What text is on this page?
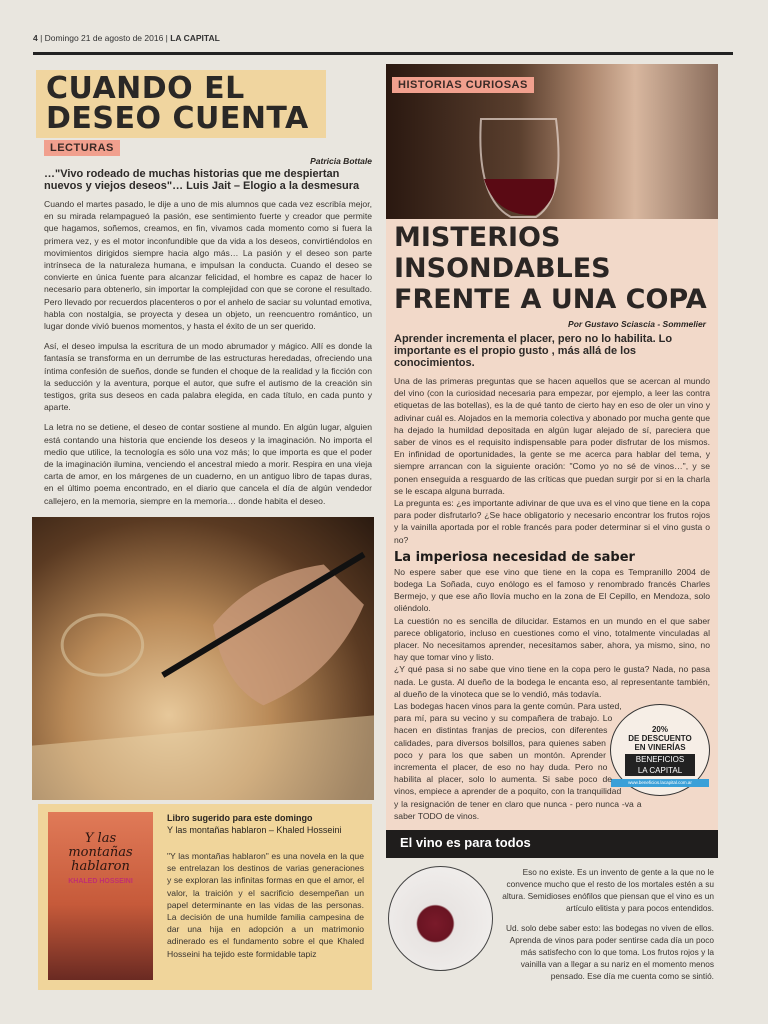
4 | Domingo 21 de agosto de 2016 | LA CAPITAL
CUANDO EL DESEO CUENTA
LECTURAS
Patricia Bottale
…"Vivo rodeado de muchas historias que me despiertan nuevos y viejos deseos"… Luis Jait – Elogio a la desmesura

Cuando el martes pasado, le dije a uno de mis alumnos que cada vez escribía mejor, en su mirada relampagueó la pasión, ese sentimiento fuerte y creador que permite que hagamos, soñemos, creamos, en fin, vivamos cada momento como si fuera la primera vez, y es el motor inconfundible que da vida a los deseos, convirtiéndolos en movimientos dirigidos siempre hacia algo más… La pasión y el deseo son parte intrínseca de la naturaleza humana, e impulsan la conducta. Cuando el deseo se convierte en única fuente para alcanzar felicidad, el hombre es capaz de hacer lo necesario para obtenerlo, sin importar la complejidad con que se corone el resultado. Pero llevado por recuerdos placenteros o por el anhelo de saciar su voluntad emotiva, habla con nostalgia, se proyecta y desea un objeto, un reencuentro romántico, un lugar donde vivió buenos momentos, y hasta el éxito de un ser querido.

Así, el deseo impulsa la escritura de un modo abrumador y mágico. Allí es donde la fantasía se transforma en un derrumbe de las estructuras heredadas, ofreciendo una íntima confesión de sueños, donde se funden el choque de la realidad y la ficción con la seducción y la aventura, porque el autor, que sufre el autismo de la creación sin testigos, grita sus deseos en cada palabra elegida, en cada título, en cada punto y aparte.

La letra no se detiene, el deseo de contar sostiene al mundo. En algún lugar, alguien está contando una historia que enciende los deseos y la imaginación. No importa el medio que utilice, la tecnología es sólo una voz más; lo que importa es que el poder de la imaginación ilumina, venciendo el ancestral miedo a morir. Respira en una vieja carta de amor, en los márgenes de un cuaderno, en un antiguo libro de tapas duras, en el último poema encontrado, en el diario que cancela el día de algún vendedor callejero, en la memoria, siempre en la memoria… donde habita el deseo.

Y las montañas hablaron
KHALED HOSSEINI
Libro sugerido para este domingo
Y las montañas hablaron – Khaled Hosseini
"Y las montañas hablaron" es una novela en la que se entrelazan los destinos de varias generaciones y se exploran las infinitas formas en que el amor, el valor, la traición y el sacrificio desempeñan un papel determinante en las vidas de las personas. La decisión de una humilde familia campesina de dar una hija en adopción a un matrimonio adinerado es el fundamento sobre el que Khaled Hosseini ha tejido este formidable tapiz
HISTORIAS CURIOSAS
MISTERIOS INSONDABLES FRENTE A UNA COPA
Por Gustavo Sciascia - Sommelier
Aprender incrementa el placer, pero no lo habilita. Lo importante es el propio gusto , más allá de los conocimientos.
Una de las primeras preguntas que se hacen aquellos que se acercan al mundo del vino (con la curiosidad necesaria para empezar, por ejemplo, a leer las contra etiquetas de las botellas), es la de qué tanto de cierto hay en eso de oler un vino y adivinar cuál es. Alojados en la memoria colectiva y abonado por mucha gente que ha dejado la humildad depositada en algún lugar alejado de sí, pareciera que saber de vinos es el requisito indispensable para poder disfrutar de los mismos. En infinidad de oportunidades, la gente se me acerca para hablar del tema, y siempre arrancan con la siguiente oración: "Como yo no sé de vinos…", y se ponen enseguida a resguardo de las críticas que puedan surgir por si en la charla se le escapa alguna burrada.
La pregunta es: ¿es importante adivinar de que uva es el vino que tiene en la copa para poder disfrutarlo? ¿Se hace obligatorio y necesario encontrar los frutos rojos y la vainilla aportada por el roble francés para poder determinar si el vino gusta o no?
La imperiosa necesidad de saber
No espere saber que ese vino que tiene en la copa es Tempranillo 2004 de bodega La Soñada, cuyo enólogo es el famoso y renombrado francés Charles Bermejo, y que ese año llovía mucho en la zona de El Cepillo, en Mendoza, solo oliéndolo.
La cuestión no es sencilla de dilucidar. Estamos en un mundo en el que saber parece obligatorio, incluso en cuestiones como el vino, totalmente vinculadas al placer. No necesitamos aprender, necesitamos saber, ahora, ya mismo, sino, no hay que tomar vino y listo.
¿Y qué pasa si no sabe que vino tiene en la copa pero le gusta? Nada, no pasa nada. Le gusta. Al dueño de la bodega le encanta eso, al representante también, al dueño de la vinoteca que se lo vendió, más todavía.
20%
DE DESCUENTO
EN VINERÍAS
BENEFICIOS
LA CAPITAL
www.beneficios.lacapital.com.ar
Las bodegas hacen vinos para la gente común. Para usted, para mí, para su vecino y su compañera de trabajo. Lo hacen en distintas franjas de precios, con diferentes calidades, para diversos bolsillos, para quienes saben poco y para los que saben un montón. Aprender incrementa el placer, de eso no hay duda. Pero no habilita al placer, solo lo aumenta. Si sabe poco de vinos, empiece a aprender de a poquito, con la tranquilidad y la resignación de tener en claro que nunca - pero nunca -va a saber TODO de vinos.
El vino es para todos

Eso no existe. Es un invento de gente a la que no le convence mucho que el resto de los mortales estén a su altura. Semidioses enófilos que piensan que el vino es un artículo elitista y para pocos entendidos.

Ud. solo debe saber esto: las bodegas no viven de ellos. Aprenda de vinos para poder sentirse cada día un poco más satisfecho con lo que toma. Los frutos rojos y la vainilla van a llegar a su nariz en el momento menos pensado. Ese día me cuenta como se sintió.
